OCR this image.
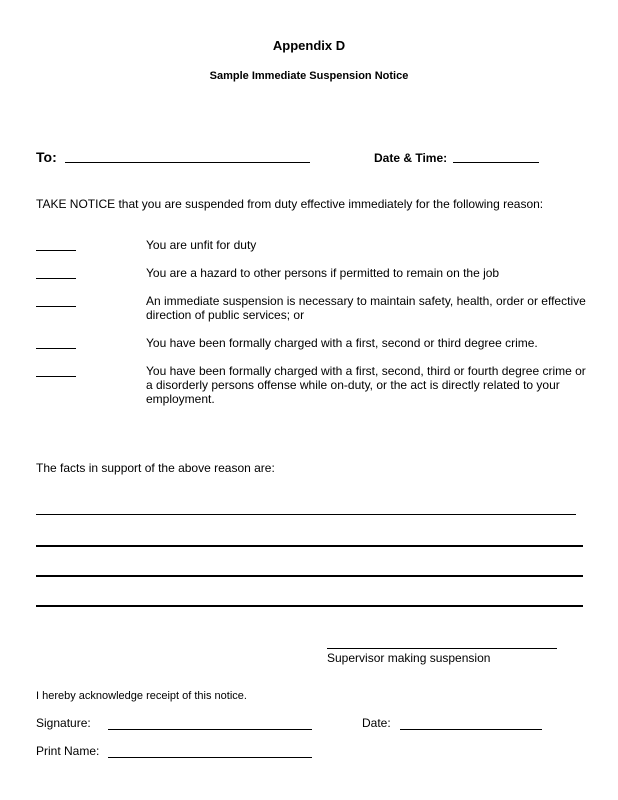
Appendix D
Sample Immediate Suspension Notice
To:	Date & Time:
TAKE NOTICE that you are suspended from duty effective immediately for the following reason:
You are unfit for duty
You are a hazard to other persons if permitted to remain on the job
An immediate suspension is necessary to maintain safety, health, order or effective direction of public services; or
You have been formally charged with a first, second or third degree crime.
You have been formally charged with a first, second, third or fourth degree crime or a disorderly persons offense while on-duty, or the act is directly related to your employment.
The facts in support of the above reason are:
Supervisor making suspension
I hereby acknowledge receipt of this notice.
Signature:	Date:
Print Name:
